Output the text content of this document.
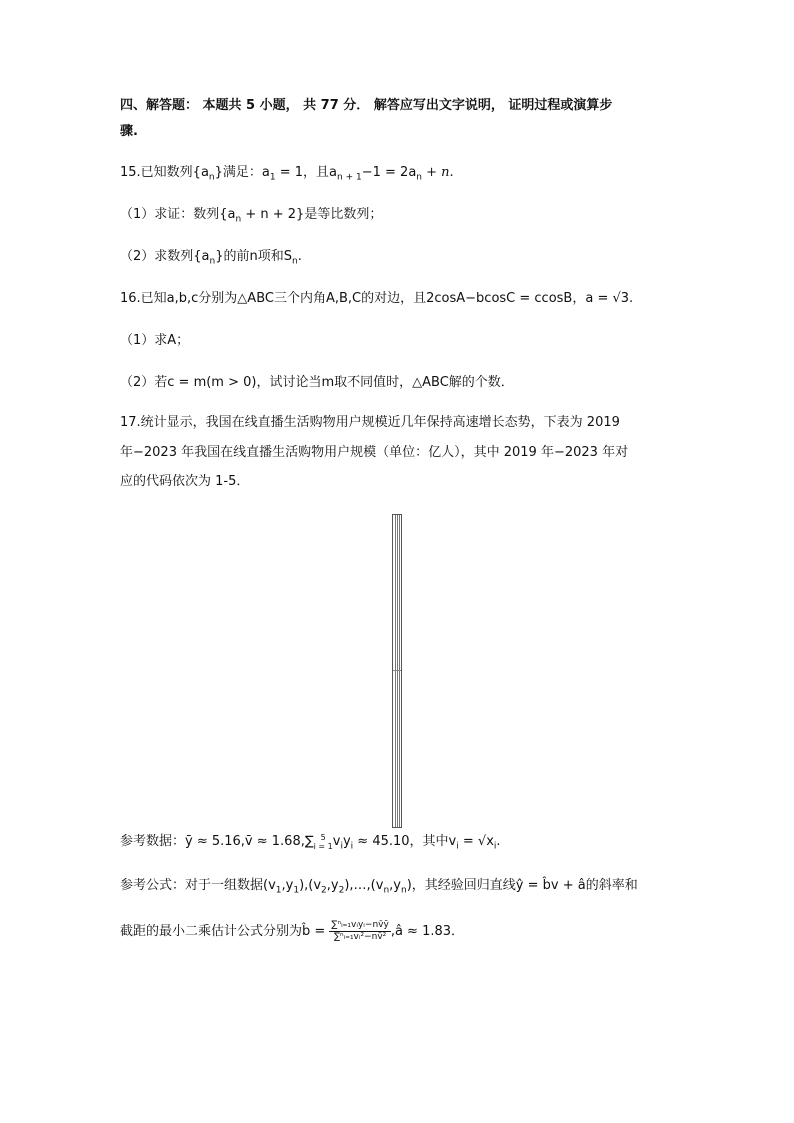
四、解答题： 本题共 5 小题， 共 77 分． 解答应写出文字说明， 证明过程或演算步
骤.
15.已知数列$\{a_n\}$满足：$a_1 = 1$，且$a_{n + 1}-1 = 2a_n + n$.
（1）求证：数列$\{a_n + n + 2\}$是等比数列；
（2）求数列$\{a_n\}$的前n项和$S_n$.
16.已知a,b,c分别为△ABC三个内角A,B,C的对边，且2cosA−bcosC = ccosB，a = √3.
（1）求A；
（2）若c = m(m > 0)，试讨论当m取不同值时，△ABC解的个数．
17.统计显示，我国在线直播生活购物用户规模近几年保持高速增长态势，下表为 2019
年−2023 年我国在线直播生活购物用户规模（单位：亿人），其中 2019 年−2023 年对
应的代码依次为 1-5．
参考数据：ȳ ≈ 5.16,v̄ ≈ 1.68,∑ 5
i = 1 $v_iy_i \approx 45.10$，其中$v_i = √x_i$.
参考公式：对于一组数据$(v_1,y_1),(v_2,y_2),\dots,(v_n,y_n)$，其经验回归直线ŷ = b̂v + â的斜率和
截距的最小二乘估计公式分别为b̂ = $\frac{\text{∑ⁿᵢ₌₁vᵢyᵢ−nv̄ȳ}}{\text{∑ⁿᵢ₌₁vᵢ²−nv̄²}}$ ,â ≈ 1.83．
